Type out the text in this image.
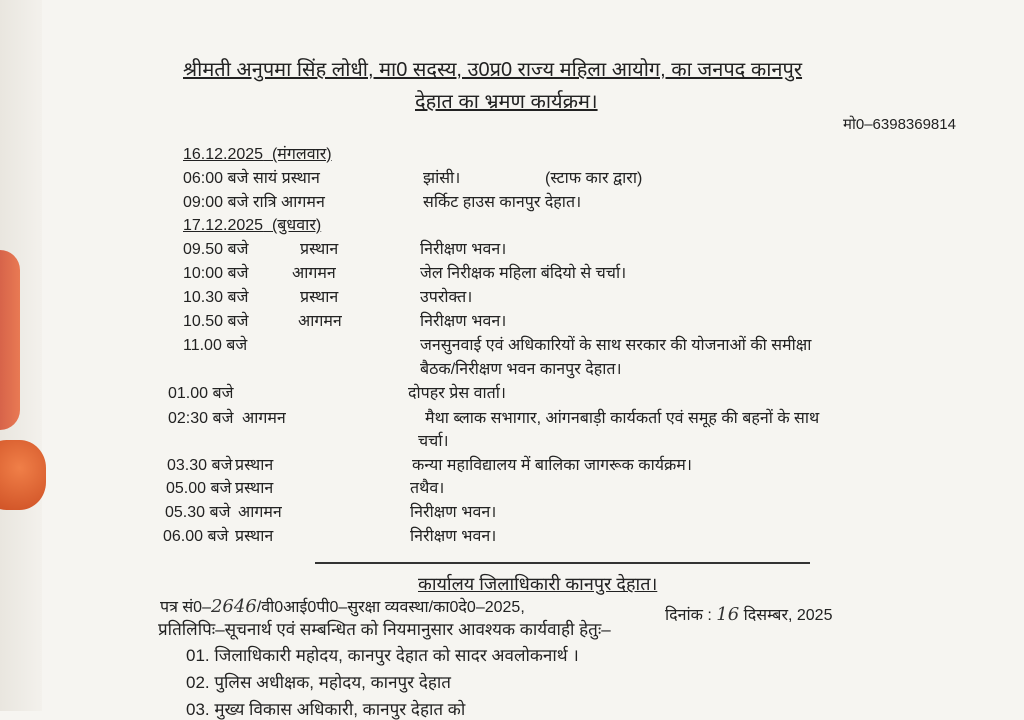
श्रीमती अनुपमा सिंह लोधी, मा0 सदस्य, उ0प्र0 राज्य महिला आयोग, का जनपद कानपुर
देहात का भ्रमण कार्यक्रम।
मो0–6398369814
16.12.2025 (मंगलवार)
06:00 बजे सायं प्रस्थान	झांसी।	(स्टाफ कार द्वारा)
09:00 बजे रात्रि आगमन	सर्किट हाउस कानपुर देहात।
17.12.2025 (बुधवार)
09.50 बजे	प्रस्थान	निरीक्षण भवन।
10:00 बजे	आगमन	जेल निरीक्षक महिला बंदियो से चर्चा।
10.30 बजे	प्रस्थान	उपरोक्त।
10.50 बजे	आगमन	निरीक्षण भवन।
11.00 बजे	जनसुनवाई एवं अधिकारियों के साथ सरकार की योजनाओं की समीक्षा
बैठक/निरीक्षण भवन कानपुर देहात।
01.00 बजे	दोपहर प्रेस वार्ता।
02:30 बजे आगमन	मैथा ब्लाक सभागार, आंगनबाड़ी कार्यकर्ता एवं समूह की बहनों के साथ
चर्चा।
03.30 बजे प्रस्थान	कन्या महाविद्यालय में बालिका जागरूक कार्यक्रम।
05.00 बजे प्रस्थान	तथैव।
05.30 बजे आगमन	निरीक्षण भवन।
06.00 बजे प्रस्थान	निरीक्षण भवन।
कार्यालय जिलाधिकारी कानपुर देहात।
पत्र सं0–2646/वी0आई0पी0–सुरक्षा व्यवस्था/का0दे0–2025,	दिनांक : 16 दिसम्बर, 2025
प्रतिलिपिः–सूचनार्थ एवं सम्बन्धित को नियमानुसार आवश्यक कार्यवाही हेतुः–
01. जिलाधिकारी महोदय, कानपुर देहात को सादर अवलोकनार्थ ।
02. पुलिस अधीक्षक, महोदय, कानपुर देहात
03. मुख्य विकास अधिकारी, कानपुर देहात को
